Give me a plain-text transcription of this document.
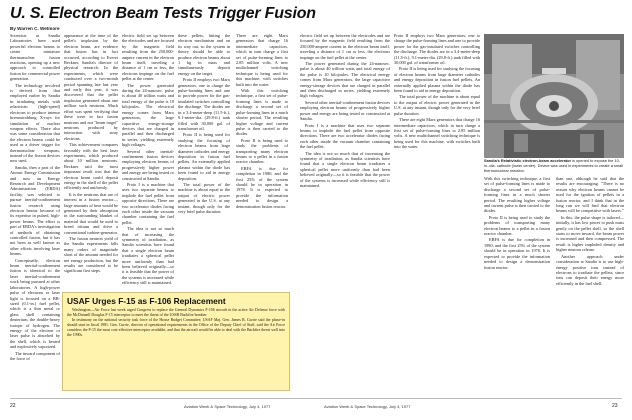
U. S. Electron Beam Tests Trigger Fusion
By Warren C. Wetmore

Scientists at Sandia Laboratories have used powerful electron beams to create miniature thermonuclear fusion reactions, opening up a new approach to controlled fusion for commercial power generation.

The technology involved is derived from that employed earlier by Sandia in irradiating metals with relativistic (high-speed) electrons to produce intense bremsstrahlung X-rays for simulation of nuclear weapon effects. There also was some consideration that the electron beams could be used as a driver trigger for thermonuclear weapons, instead of the fission devices now used.

Sandia, then a part of the Atomic Energy Commission and now an Energy Research and Development Administration (ERDA) facility, was selected to pursue inertial-confinement fusion research using electron beams because of its expertise in pulsed, high-power beams. The effort is part of ERDA's investigation of methods of obtaining controlled fusion, but it has not been as well known as other efforts involving laser beams.

Conceptually, electron beam inertial-confinement fusion is identical to the laser inertial-confinement work being pursued at other laboratories. A high-power pulse of electrons or laser light is focused on a BB-sized (0.1-in.) fuel pellet, which is a thin metal or glass shell containing deuterium, the double-heavy isotope of hydrogen. The energy of the electron or laser pulse is absorbed by the shell, which is heated and explosively vaporized.

The inward component of the force of

appearance at the time of the pellet's implosion by the electron beam, are evidence that fusion has in fact occurred, according to Everet Beckner, Sandia's director of physical research. In the experiments, which were conducted over a two-month period spanning late last year and early this year, it was discovered that the pellet implosion generated about one million such neutrons. Much effort was spent verifying that these were in fact fusion neutrons and not "beam target" neutrons produced by interaction with stray electrons.

This achievement compares favorably with the best laser experiments, which produced about 10 million neutrons. Beckner said the most important result was that the electron beam could deposit energy in the shell of the pellet efficiently and uniformly.

It is the neutrons that are of interest in a fusion reactor—large amounts of heat would be generated by their absorption in the surrounding blanket of material that would be used to breed tritium and drive a conventional turbine-generator.

The fusion neutron yield of the Sandia experiments falls many orders of magnitude short of the amount needed for net energy production, but the results are considered to be significant first steps.

electric field set up between the electrodes and are focused by the magnetic field resulting from the 250,000-ampere current in the electron beam itself, traveling a distance of 1 cm or less, the electrons impinge on the fuel pellet at the center.

The power generated during the 24-nanosec. pulse is about 40 trillion watts and total energy of the pulse is 10 kilojoules. The electrical energy comes from Marx generators, the large capacitive energy-storage devices that are charged in parallel and then discharged in series, yielding extremely high voltages.

Several other inertial-confinement fusion devices employing electron beams of progressively higher power and energy are being tested or constructed at Sandia.

Proto I is a machine that uses two separate beams to implode the fuel pellet from opposite directions. There are two accelerator diodes facing each other inside the vacuum chamber containing the fuel pellet.

The idea is not so much that of increasing the symmetry of irradiation, as Sandia scientists have found that a single electron beam irradiates a spherical pellet more uniformly than had been believed originally—so it is feasible that the power of the systems is increased while efficiency still is maintained.

these pellets, hitting the electron mechanism and on its way out, so the system in theory should be able to produce electron beams about 1 kg in mass and simultaneously deposit energy on the target.

Proto II employs two Marx generators, one to charge the pulse-forming lines and one to provide power for the gas-insulated switches controlling the discharge. The diodes are in a 3.4-meter-deep (11.5-ft.), 9.1-meter-dia. (29.8-ft.) tank filled with 30,000 gal. of transformer oil.

Proto II is being used for studying the focusing of electron beams from large diameter cathodes and energy deposition in fusion fuel pellets. An externally applied plasma within the diode has been found to aid in energy deposition.

The total power of the machine is about equal to the output of electric power generated in the U.S. at any instant, though only for the very brief pulse duration.

There are eight Marx generators that charge 16 intermediate capacitors, which in turn charge a first set of pulse-forming lines to 2.85 million volts. A new multichannel switching technique is being used for this machine, with switches built into the water.

With this switching technique, a first set of pulse-forming lines is made to discharge a second set of pulse-forming lines in a much shorter period. The resulting higher voltage and current pulse is then carried to the diodes.

Proto II is being used to study the problems of transporting many electron beams to a pellet in a fusion reactor chamber.

EBFA is due for completion in 1980, and the first 25% of the system should be in operation in 1978. It is expected to provide the information needed to design a demonstration fusion reactor.

USAF Urges F-15 as F-106 Replacement

Washington—Air Force last week urged Congress to replace the General Dynamics F-106 aircraft in the active Air Defense force with the McDonnell Douglas F-15 interceptor to meet the threat of the USSR Backfire bomber.

In testimony on the national security task force of the House Budget Committee, USAF Maj. Gen. James R. Currie said the phase-in should start in fiscal 1981. Gen. Currie, director of operational requirements in the Office of the Deputy Chief of Staff, said the Air Force considers the F-15 the most cost-effective interceptor available, and that the aircraft would be able to deal with the Backfire threat well into the 1990s.

electric field set up between the electrodes and are focused by the magnetic field resulting from the 250,000-ampere current in the electron beam itself, traveling a distance of 1 cm or less, the electrons impinge on the fuel pellet at the center.

The power generated during the 24-nanosec. pulse is about 40 trillion watts and total energy of the pulse is 10 kilojoules. The electrical energy comes from Marx generators, the large capacitive energy-storage devices that are charged in parallel and then discharged in series, yielding extremely high voltages.

Several other inertial-confinement fusion devices employing electron beams of progressively higher power and energy are being tested or constructed at Sandia.

Proto I is a machine that uses two separate beams to implode the fuel pellet from opposite directions. There are two accelerator diodes facing each other inside the vacuum chamber containing the fuel pellet.

The idea is not so much that of increasing the symmetry of irradiation, as Sandia scientists have found that a single electron beam irradiates a spherical pellet more uniformly than had been believed originally—so it is feasible that the power of the systems is increased while efficiency still is maintained.

Proto II employs two Marx generators, one to charge the pulse-forming lines and one to provide power for the gas-insulated switches controlling the discharge. The diodes are in a 3.4-meter-deep (11.5-ft.), 9.1-meter-dia. (29.8-ft.) tank filled with 30,000 gal. of transformer oil.

Proto II is being used for studying the focusing of electron beams from large diameter cathodes and energy deposition in fusion fuel pellets. An externally applied plasma within the diode has been found to aid in energy deposition.

The total power of the machine is about equal to the output of electric power generated in the U.S. at any instant, though only for the very brief pulse duration.

There are eight Marx generators that charge 16 intermediate capacitors, which in turn charge a first set of pulse-forming lines to 2.85 million volts. A new multichannel switching technique is being used for this machine, with switches built into the water.

Sandia's Relativistic electron-beam accelerator is opened to expose the 10-in.-dia. cathode (lower center). Device was used in experiments to create a small thermonuclear reaction.

With this switching technique, a first set of pulse-forming lines is made to discharge a second set of pulse-forming lines in a much shorter period. The resulting higher voltage and current pulse is then carried to the diodes.

Proto II is being used to study the problems of transporting many electron beams to a pellet in a fusion reactor chamber.

EBFA is due for completion in 1980, and the first 25% of the system should be in operation in 1978. It is expected to provide the information needed to design a demonstration fusion reactor.

than one, although he said that the results are encouraging. "There is no reason why electron beams cannot be used for the ignition of pellets in a fusion reactor, and I think that in the long run we will find that electron beams will be competitive with lasers."

In this, the pulse shape is tailored—initially, it has low power to push mass gently on the pellet shell, so the shell starts to move inward, the beam power is increased and then compressed. The result is higher imploded density and higher neutron release.

Another approach under consideration at Sandia is to use high-energy positive ions instead of electrons to irradiate the pellets, since ions can deposit their energy more efficiently in the fuel shell.

22	Aviation Week & Space Technology, July 4, 1977	Aviation Week & Space Technology, July 4, 1977	23
